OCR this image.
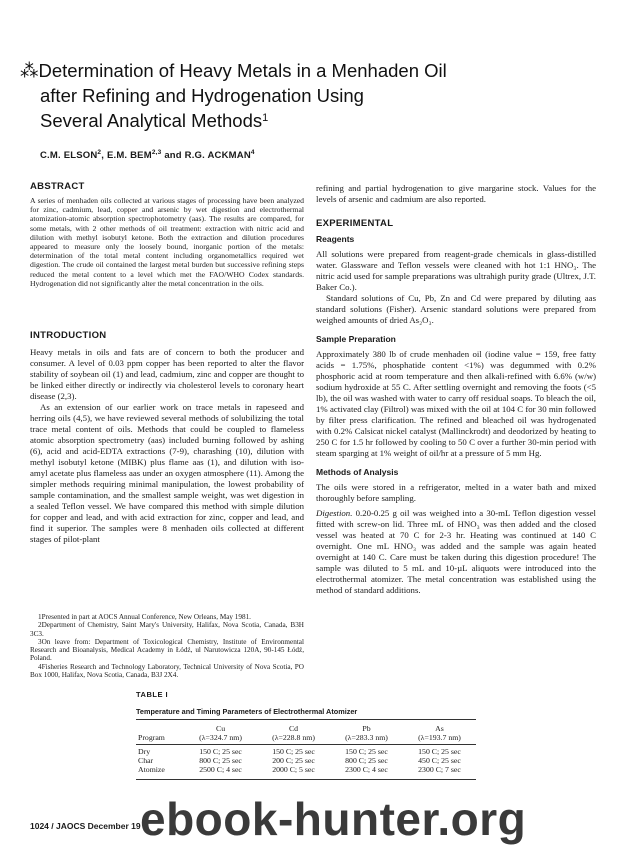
⁂Determination of Heavy Metals in a Menhaden Oil
after Refining and Hydrogenation Using
Several Analytical Methods$^1$
C.M. ELSON$^2$, E.M. BEM$^{2,3}$ and R.G. ACKMAN$^4$
ABSTRACT
A series of menhaden oils collected at various stages of processing have been analyzed for zinc, cadmium, lead, copper and arsenic by wet digestion and electrothermal atomization-atomic absorption spectrophotometry (aas). The results are compared, for some metals, with 2 other methods of oil treatment: extraction with nitric acid and dilution with methyl isobutyl ketone. Both the extraction and dilution procedures appeared to measure only the loosely bound, inorganic portion of the metals: determination of the total metal content including organometallics required wet digestion. The crude oil contained the largest metal burden but successive refining steps reduced the metal content to a level which met the FAO/WHO Codex standards. Hydrogenation did not significantly alter the metal concentration in the oils.
INTRODUCTION

Heavy metals in oils and fats are of concern to both the producer and consumer. A level of 0.03 ppm copper has been reported to alter the flavor stability of soybean oil (1) and lead, cadmium, zinc and copper are thought to be linked either directly or indirectly via cholesterol levels to coronary heart disease (2,3).

As an extension of our earlier work on trace metals in rapeseed and herring oils (4,5), we have reviewed several methods of solubilizing the total trace metal content of oils. Methods that could be coupled to flameless atomic absorption spectrometry (aas) included burning followed by ashing (6), acid and acid-EDTA extractions (7-9), charashing (10), dilution with methyl isobutyl ketone (MIBK) plus flame aas (1), and dilution with iso-amyl acetate plus flameless aas under an oxygen atmosphere (11). Among the simpler methods requiring minimal manipulation, the lowest probability of sample contamination, and the smallest sample weight, was wet digestion in a sealed Teflon vessel. We have compared this method with simple dilution for copper and lead, and with acid extraction for zinc, copper and lead, and find it superior. The samples were 8 menhaden oils collected at different stages of pilot-plant

1Presented in part at AOCS Annual Conference, New Orleans, May 1981.

2Department of Chemistry, Saint Mary's University, Halifax, Nova Scotia, Canada, B3H 3C3.

3On leave from: Department of Toxicological Chemistry, Institute of Environmental Research and Bioanalysis, Medical Academy in Łódź, ul Narutowicza 120A, 90-145 Łódź, Poland.

4Fisheries Research and Technology Laboratory, Technical University of Nova Scotia, PO Box 1000, Halifax, Nova Scotia, Canada, B3J 2X4.

refining and partial hydrogenation to give margarine stock. Values for the levels of arsenic and cadmium are also reported.

EXPERIMENTAL
Reagents

All solutions were prepared from reagent-grade chemicals in glass-distilled water. Glassware and Teflon vessels were cleaned with hot 1:1 HNO₃. The nitric acid used for sample preparations was ultrahigh purity grade (Ultrex, J.T. Baker Co.).

Standard solutions of Cu, Pb, Zn and Cd were prepared by diluting aas standard solutions (Fisher). Arsenic standard solutions were prepared from weighed amounts of dried As₂O₃.

Sample Preparation

Approximately 380 lb of crude menhaden oil (iodine value = 159, free fatty acids = 1.75%, phosphatide content <1%) was degummed with 0.2% phosphoric acid at room temperature and then alkali-refined with 6.6% (w/w) sodium hydroxide at 55 C. After settling overnight and removing the foots (<5 lb), the oil was washed with water to carry off residual soaps. To bleach the oil, 1% activated clay (Filtrol) was mixed with the oil at 104 C for 30 min followed by filter press clarification. The refined and bleached oil was hydrogenated with 0.2% Calsicat nickel catalyst (Mallinckrodt) and deodorized by heating to 250 C for 1.5 hr followed by cooling to 50 C over a further 30-min period with steam sparging at 1% weight of oil/hr at a pressure of 5 mm Hg.

Methods of Analysis

The oils were stored in a refrigerator, melted in a water bath and mixed thoroughly before sampling.

Digestion. 0.20-0.25 g oil was weighed into a 30-mL Teflon digestion vessel fitted with screw-on lid. Three mL of HNO₃ was then added and the closed vessel was heated at 70 C for 2-3 hr. Heating was continued at 140 C overnight. One mL HNO₃ was added and the sample was again heated overnight at 140 C. Care must be taken during this digestion procedure! The sample was diluted to 5 mL and 10-µL aliquots were introduced into the electrothermal atomizer. The metal concentration was established using the method of standard additions.

TABLE I
Temperature and Timing Parameters of Electrothermal Atomizer
	Cu	Cd	Pb	As
Program	(λ=324.7 nm)	(λ=228.8 nm)	(λ=283.3 nm)	(λ=193.7 nm)

Dry	150 C; 25 sec	150 C; 25 sec	150 C; 25 sec	150 C; 25 sec
Char	800 C; 25 sec	200 C; 25 sec	800 C; 25 sec	450 C; 25 sec
Atomize	2500 C; 4 sec	2000 C; 5 sec	2300 C; 4 sec	2300 C; 7 sec
1024 / JAOCS December 19 ebook-hunter.org
